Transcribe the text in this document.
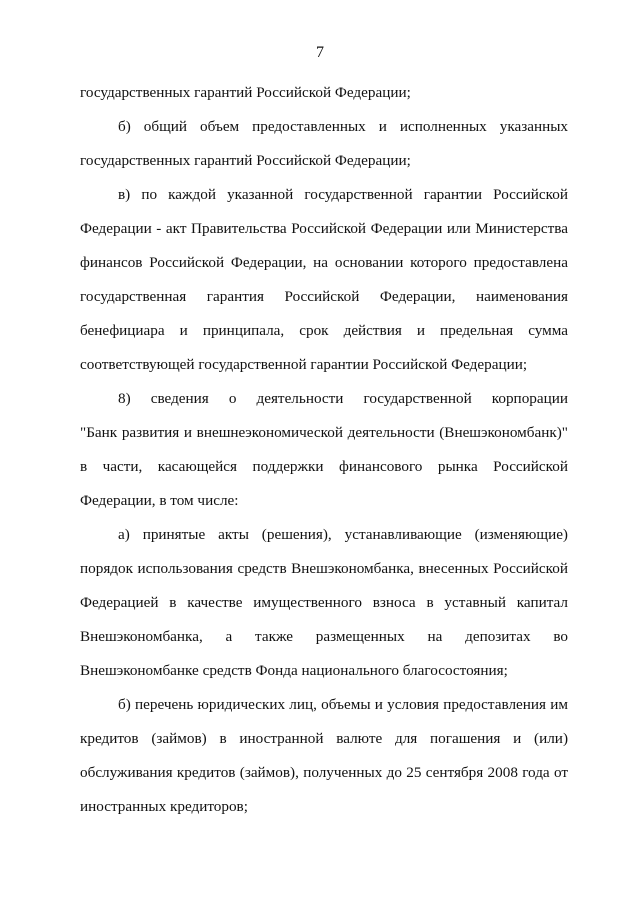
7
государственных гарантий Российской Федерации;
б) общий объем предоставленных и исполненных указанных
государственных гарантий Российской Федерации;
в) по каждой указанной государственной гарантии Российской
Федерации - акт Правительства Российской Федерации или Министерства
финансов Российской Федерации, на основании которого предоставлена
государственная гарантия Российской Федерации, наименования
бенефициара и принципала, срок действия и предельная сумма
соответствующей государственной гарантии Российской Федерации;
8) сведения о деятельности государственной корпорации
"Банк развития и внешнеэкономической деятельности (Внешэкономбанк)"
в части, касающейся поддержки финансового рынка Российской
Федерации, в том числе:
а) принятые акты (решения), устанавливающие (изменяющие)
порядок использования средств Внешэкономбанка, внесенных Российской
Федерацией в качестве имущественного взноса в уставный капитал
Внешэкономбанка, а также размещенных на депозитах во
Внешэкономбанке средств Фонда национального благосостояния;
б) перечень юридических лиц, объемы и условия предоставления им
кредитов (займов) в иностранной валюте для погашения и (или)
обслуживания кредитов (займов), полученных до 25 сентября 2008 года от
иностранных кредиторов;
